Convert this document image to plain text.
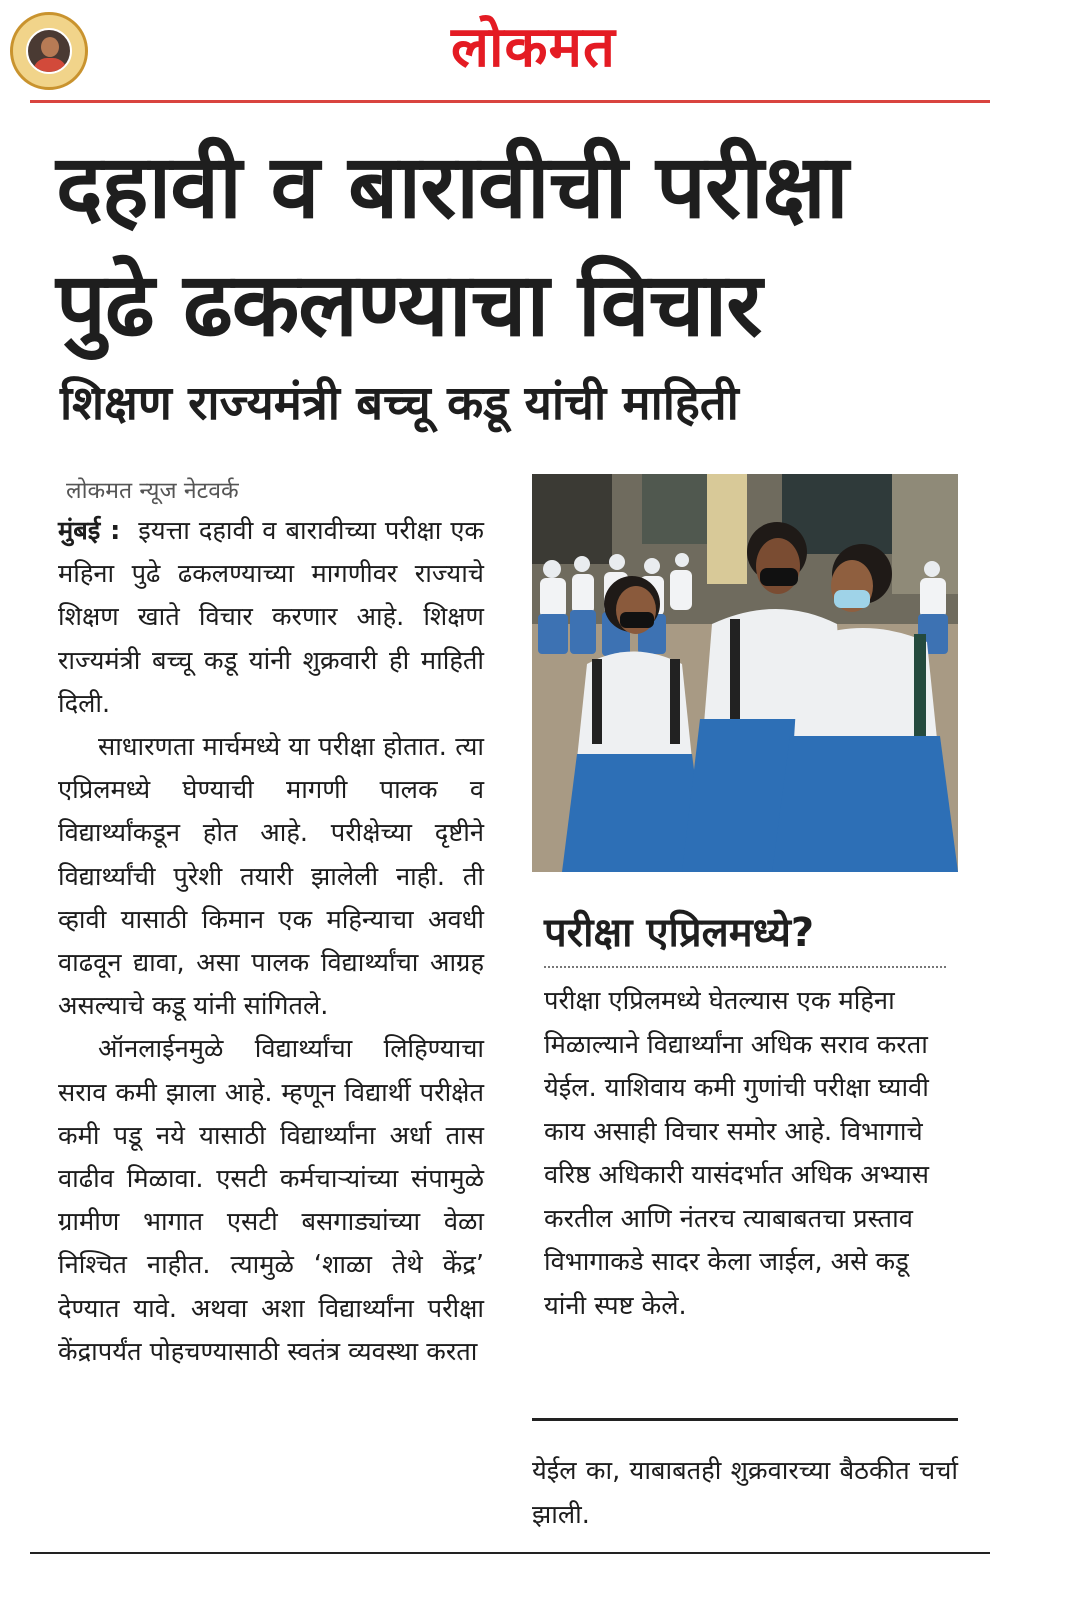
लोकमत
दहावी व बारावीची परीक्षा
पुढे ढकलण्याचा विचार
शिक्षण राज्यमंत्री बच्चू कडू यांची माहिती
लोकमत न्यूज नेटवर्क

मुंबई : इयत्ता दहावी व बारावीच्या परीक्षा एक महिना पुढे ढकलण्याच्या मागणीवर राज्याचे शिक्षण खाते विचार करणार आहे. शिक्षण राज्यमंत्री बच्चू कडू यांनी शुक्रवारी ही माहिती दिली.

साधारणता मार्चमध्ये या परीक्षा होतात. त्या एप्रिलमध्ये घेण्याची मागणी पालक व विद्यार्थ्यांकडून होत आहे. परीक्षेच्या दृष्टीने विद्यार्थ्यांची पुरेशी तयारी झालेली नाही. ती व्हावी यासाठी किमान एक महिन्याचा अवधी वाढवून द्यावा, असा पालक विद्यार्थ्यांचा आग्रह असल्याचे कडू यांनी सांगितले.

ऑनलाईनमुळे विद्यार्थ्यांचा लिहिण्याचा सराव कमी झाला आहे. म्हणून विद्यार्थी परीक्षेत कमी पडू नये यासाठी विद्यार्थ्यांना अर्धा तास वाढीव मिळावा. एसटी कर्मचाऱ्यांच्या संपामुळे ग्रामीण भागात एसटी बसगाड्यांच्या वेळा निश्चित नाहीत. त्यामुळे ‘शाळा तेथे केंद्र’ देण्यात यावे. अथवा अशा विद्यार्थ्यांना परीक्षा केंद्रापर्यंत पोहचण्यासाठी स्वतंत्र व्यवस्था करता

परीक्षा एप्रिलमध्ये?
परीक्षा एप्रिलमध्ये घेतल्यास एक महिना मिळाल्याने विद्यार्थ्यांना अधिक सराव करता येईल. याशिवाय कमी गुणांची परीक्षा घ्यावी काय असाही विचार समोर आहे. विभागाचे वरिष्ठ अधिकारी यासंदर्भात अधिक अभ्यास करतील आणि नंतरच त्याबाबतचा प्रस्ताव विभागाकडे सादर केला जाईल, असे कडू यांनी स्पष्ट केले.
येईल का, याबाबतही शुक्रवारच्या बैठकीत चर्चा झाली.
